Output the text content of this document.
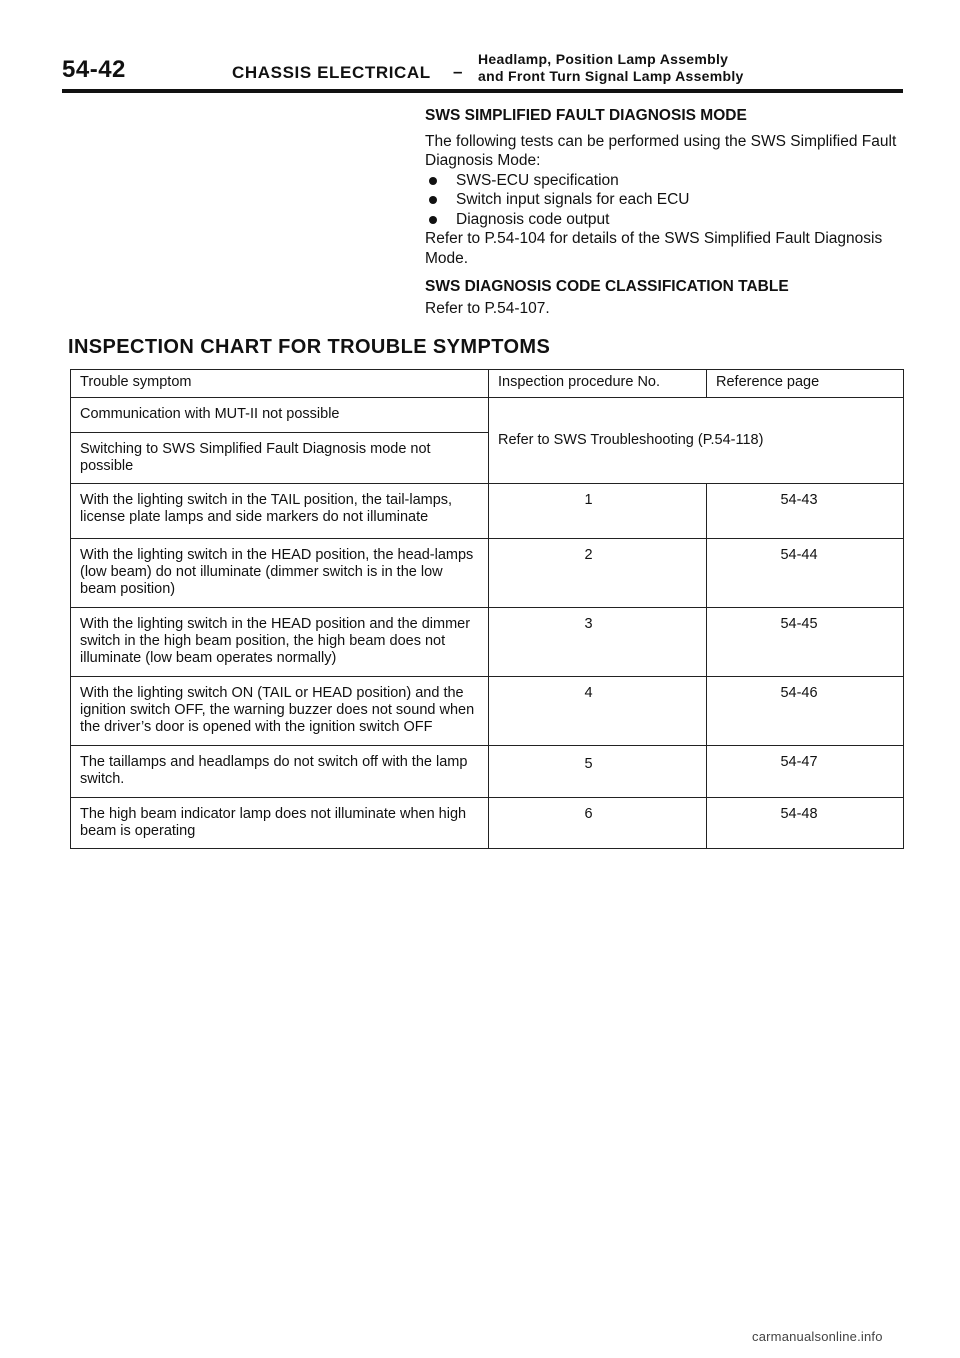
54-42	CHASSIS ELECTRICAL –
Headlamp, Position Lamp Assembly
and Front Turn Signal Lamp Assembly
SWS SIMPLIFIED FAULT DIAGNOSIS MODE

The following tests can be performed using the SWS Simplified Fault Diagnosis Mode:

SWS-ECU specification
Switch input signals for each ECU
Diagnosis code output

Refer to P.54-104 for details of the SWS Simplified Fault Diagnosis Mode.

SWS DIAGNOSIS CODE CLASSIFICATION TABLE

Refer to P.54-107.

INSPECTION CHART FOR TROUBLE SYMPTOMS
Trouble symptom	Inspection procedure No.	Reference page
Communication with MUT-II not possible	Refer to SWS Troubleshooting (P.54-118)	
Switching to SWS Simplified Fault Diagnosis mode not possible		
With the lighting switch in the TAIL position, the tail-lamps, license plate lamps and side markers do not illuminate	1	54-43
With the lighting switch in the HEAD position, the head-lamps (low beam) do not illuminate (dimmer switch is in the low beam position)	2	54-44
With the lighting switch in the HEAD position and the dimmer switch in the high beam position, the high beam does not illuminate (low beam operates normally)	3	54-45
With the lighting switch ON (TAIL or HEAD position) and the ignition switch OFF, the warning buzzer does not sound when the driver’s door is opened with the ignition switch OFF	4	54-46
The taillamps and headlamps do not switch off with the lamp switch.	5	54-47
The high beam indicator lamp does not illuminate when high beam is operating	6	54-48
carmanualsonline.info
